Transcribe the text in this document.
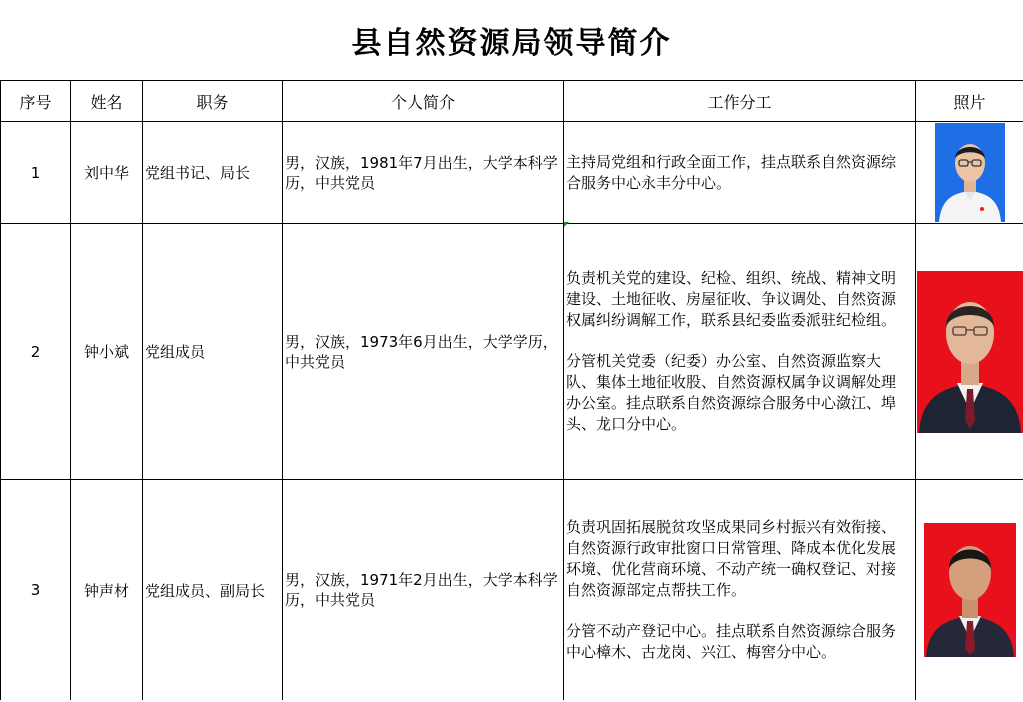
县自然资源局领导简介
序号	姓名	职务	个人简介	工作分工	照片
1	刘中华	党组书记、局长	男，汉族，1981年7月出生，大学本科学历，中共党员	主持局党组和行政全面工作，挂点联系自然资源综合服务中心永丰分中心。

2	钟小斌	党组成员	男，汉族，1973年6月出生，大学学历，中共党员	负责机关党的建设、纪检、组织、统战、精神文明建设、土地征收、房屋征收、争议调处、自然资源权属纠纷调解工作，联系县纪委监委派驻纪检组。

分管机关党委（纪委）办公室、自然资源监察大队、集体土地征收股、自然资源权属争议调解处理办公室。挂点联系自然资源综合服务中心潋江、埠头、龙口分中心。

3	钟声材	党组成员、副局长	男，汉族，1971年2月出生，大学本科学历，中共党员	负责巩固拓展脱贫攻坚成果同乡村振兴有效衔接、自然资源行政审批窗口日常管理、降成本优化发展环境、优化营商环境、不动产统一确权登记、对接自然资源部定点帮扶工作。

分管不动产登记中心。挂点联系自然资源综合服务中心樟木、古龙岗、兴江、梅窖分中心。
